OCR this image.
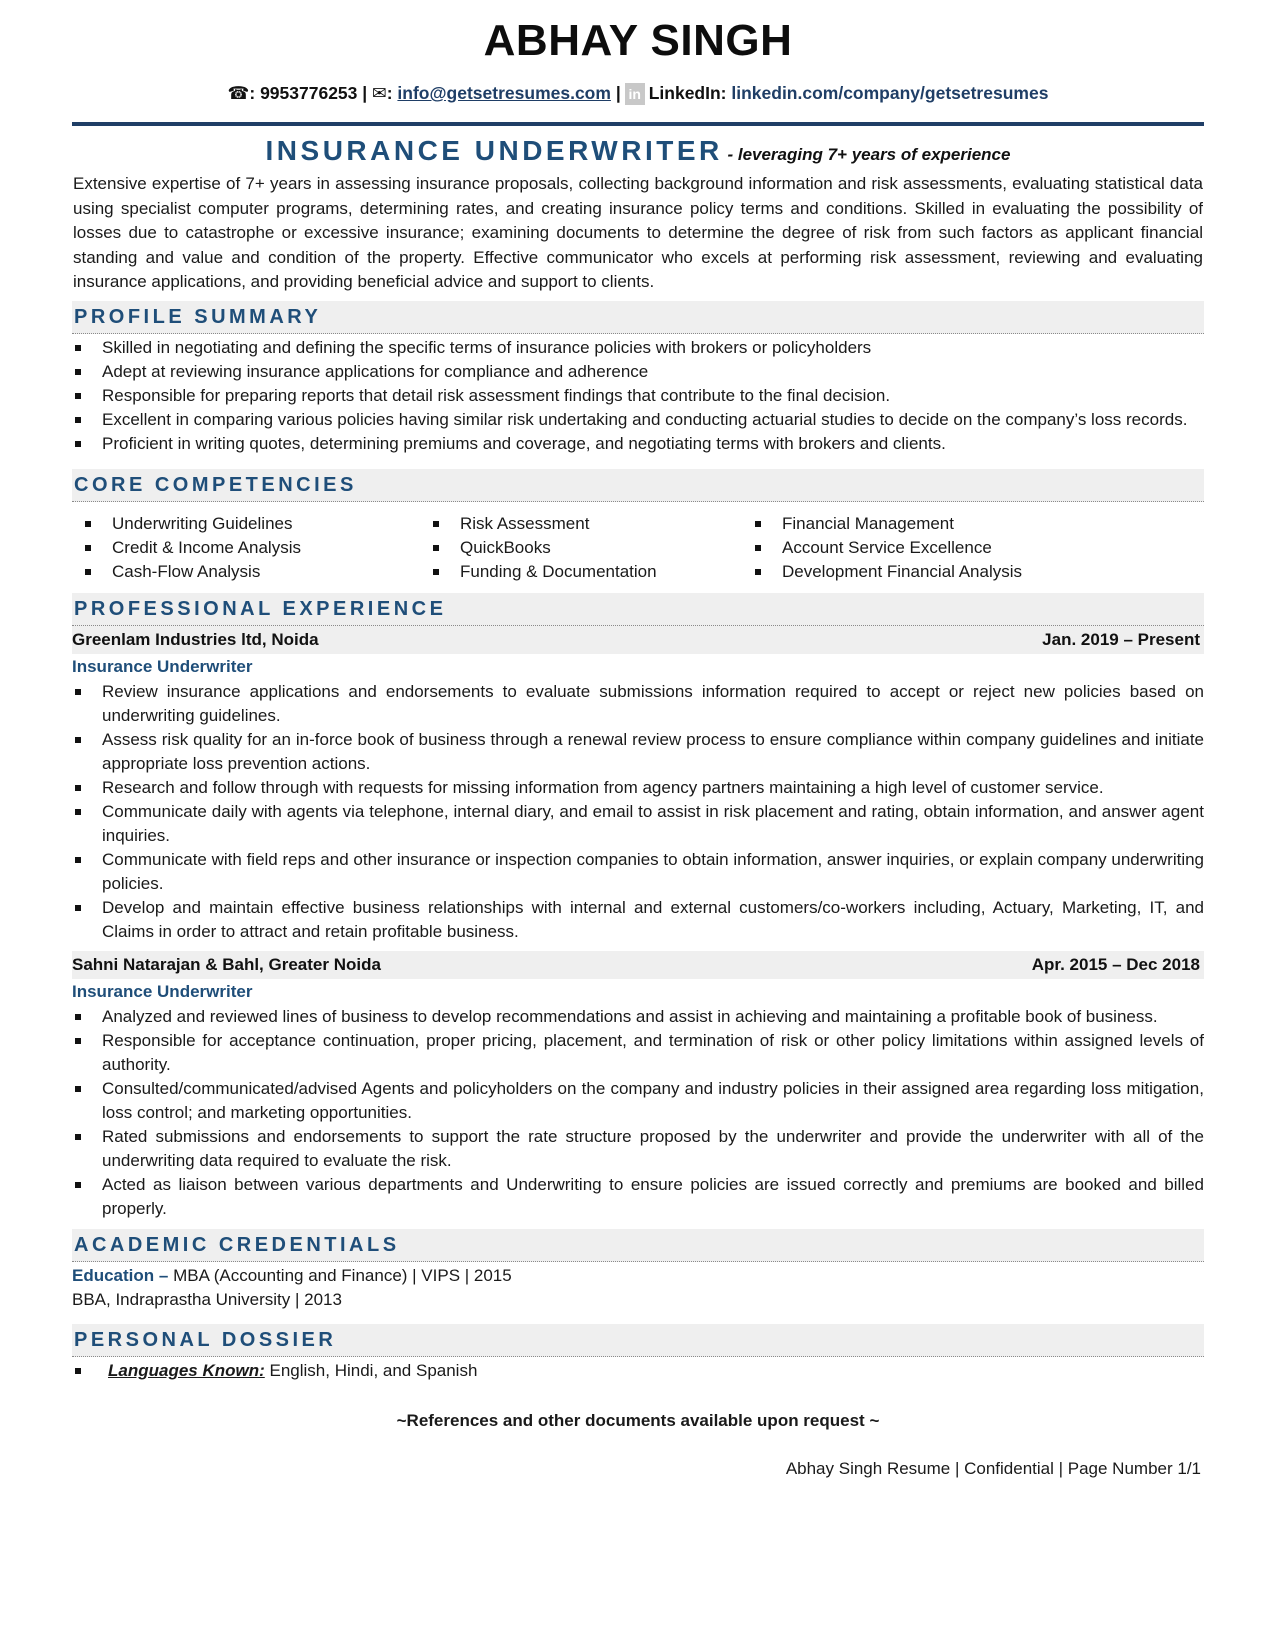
ABHAY SINGH
☎: 9953776253 | ✉: info@getsetresumes.com | in LinkedIn: linkedin.com/company/getsetresumes
INSURANCE UNDERWRITER - leveraging 7+ years of experience

Extensive expertise of 7+ years in assessing insurance proposals, collecting background information and risk assessments, evaluating statistical data using specialist computer programs, determining rates, and creating insurance policy terms and conditions. Skilled in evaluating the possibility of losses due to catastrophe or excessive insurance; examining documents to determine the degree of risk from such factors as applicant financial standing and value and condition of the property. Effective communicator who excels at performing risk assessment, reviewing and evaluating insurance applications, and providing beneficial advice and support to clients.

PROFILE SUMMARY
Skilled in negotiating and defining the specific terms of insurance policies with brokers or policyholders
Adept at reviewing insurance applications for compliance and adherence
Responsible for preparing reports that detail risk assessment findings that contribute to the final decision.
Excellent in comparing various policies having similar risk undertaking and conducting actuarial studies to decide on the company’s loss records.
Proficient in writing quotes, determining premiums and coverage, and negotiating terms with brokers and clients.
CORE COMPETENCIES
Underwriting Guidelines
Credit & Income Analysis
Cash-Flow Analysis
Risk Assessment
QuickBooks
Funding & Documentation
Financial Management
Account Service Excellence
Development Financial Analysis
PROFESSIONAL EXPERIENCE
Greenlam Industries ltd, Noida	Jan. 2019 – Present
Insurance Underwriter
Review insurance applications and endorsements to evaluate submissions information required to accept or reject new policies based on underwriting guidelines.
Assess risk quality for an in-force book of business through a renewal review process to ensure compliance within company guidelines and initiate appropriate loss prevention actions.
Research and follow through with requests for missing information from agency partners maintaining a high level of customer service.
Communicate daily with agents via telephone, internal diary, and email to assist in risk placement and rating, obtain information, and answer agent inquiries.
Communicate with field reps and other insurance or inspection companies to obtain information, answer inquiries, or explain company underwriting policies.
Develop and maintain effective business relationships with internal and external customers/co-workers including, Actuary, Marketing, IT, and Claims in order to attract and retain profitable business.
Sahni Natarajan & Bahl, Greater Noida	Apr. 2015 – Dec 2018
Insurance Underwriter
Analyzed and reviewed lines of business to develop recommendations and assist in achieving and maintaining a profitable book of business.
Responsible for acceptance continuation, proper pricing, placement, and termination of risk or other policy limitations within assigned levels of authority.
Consulted/communicated/advised Agents and policyholders on the company and industry policies in their assigned area regarding loss mitigation, loss control; and marketing opportunities.
Rated submissions and endorsements to support the rate structure proposed by the underwriter and provide the underwriter with all of the underwriting data required to evaluate the risk.
Acted as liaison between various departments and Underwriting to ensure policies are issued correctly and premiums are booked and billed properly.
ACADEMIC CREDENTIALS
Education – MBA (Accounting and Finance) | VIPS | 2015
BBA, Indraprastha University | 2013
PERSONAL DOSSIER
Languages Known: English, Hindi, and Spanish
~References and other documents available upon request ~
Abhay Singh Resume | Confidential | Page Number 1/1
